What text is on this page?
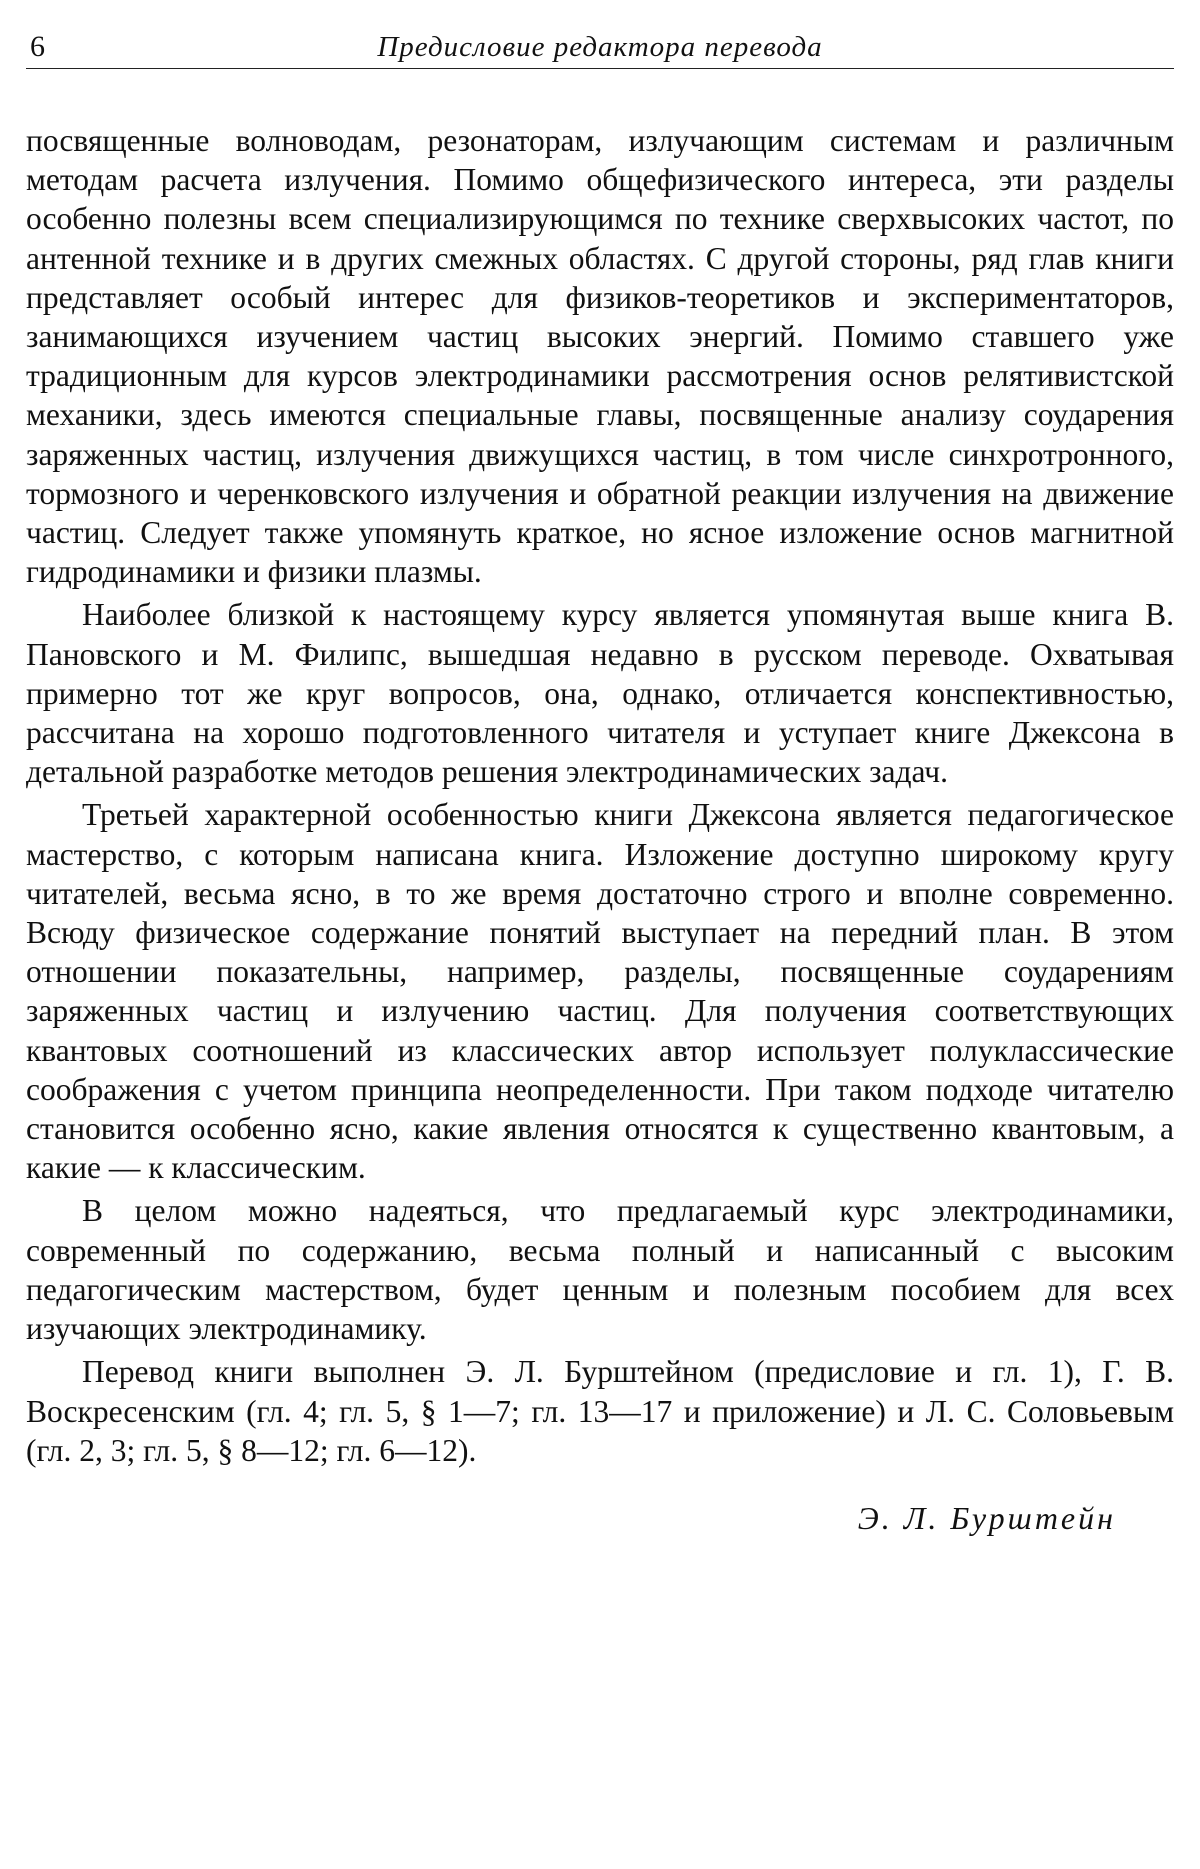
6	Предисловие редактора перевода

посвященные волноводам, резонаторам, излучающим системам и различным методам расчета излучения. Помимо общефизического интереса, эти разделы особенно полезны всем специализирующимся по технике сверхвысоких частот, по антенной технике и в других смежных областях. С другой стороны, ряд глав книги представляет особый интерес для физиков-теоретиков и экспериментаторов, занимающихся изучением частиц высоких энергий. Помимо ставшего уже традиционным для курсов электродинамики рассмотрения основ релятивистской механики, здесь имеются специальные главы, посвященные анализу соударения заряженных частиц, излучения движущихся частиц, в том числе синхротронного, тормозного и черенковского излучения и обратной реакции излучения на движение частиц. Следует также упомянуть краткое, но ясное изложение основ магнитной гидродинамики и физики плазмы.

Наиболее близкой к настоящему курсу является упомянутая выше книга В. Пановского и М. Филипс, вышедшая недавно в русском переводе. Охватывая примерно тот же круг вопросов, она, однако, отличается конспективностью, рассчитана на хорошо подготовленного читателя и уступает книге Джексона в детальной разработке методов решения электродинамических задач.

Третьей характерной особенностью книги Джексона является педагогическое мастерство, с которым написана книга. Изложение доступно широкому кругу читателей, весьма ясно, в то же время достаточно строго и вполне современно. Всюду физическое содержание понятий выступает на передний план. В этом отношении показательны, например, разделы, посвященные соударениям заряженных частиц и излучению частиц. Для получения соответствующих квантовых соотношений из классических автор использует полуклассические соображения с учетом принципа неопределенности. При таком подходе читателю становится особенно ясно, какие явления относятся к существенно квантовым, а какие — к классическим.

В целом можно надеяться, что предлагаемый курс электродинамики, современный по содержанию, весьма полный и написанный с высоким педагогическим мастерством, будет ценным и полезным пособием для всех изучающих электродинамику.

Перевод книги выполнен Э. Л. Бурштейном (предисловие и гл. 1), Г. В. Воскресенским (гл. 4; гл. 5, § 1—7; гл. 13—17 и приложение) и Л. С. Соловьевым (гл. 2, 3; гл. 5, § 8—12; гл. 6—12).

Э. Л. Бурштейн
